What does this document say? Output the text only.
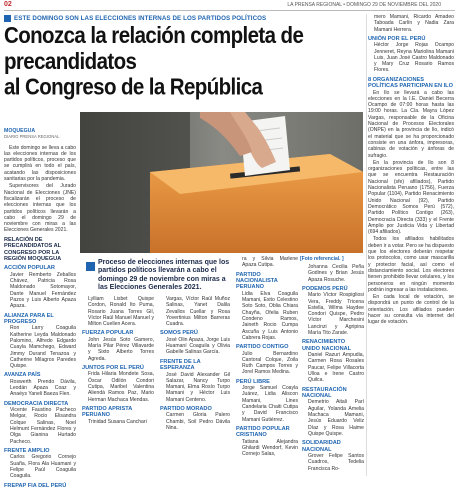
02	LA PRENSA REGIONAL • DOMINGO 29 DE NOVIEMBRE DEL 2020
ESTE DOMINGO SON LAS ELECCIONES INTERNAS DE LOS PARTIDOS POLÍTICOS
Conozca la relación completa de precandidatos
al Congreso de la República
MOQUEGUA
DIARIO PRENSA REGIONAL

Este domingo se lleva a cabo las elecciones internas de los partidos políticos, proceso que se cumplirá en todo el país, acatando las disposiciones sanitarias por la pandemia.

Supervisores del Jurado Nacional de Elecciones (JNE) fiscalizarán el proceso de elecciones internas que los partidos políticos llevarán a cabo el domingo 29 de noviembre con miras a las Elecciones Generales 2021.

RELACIÓN DE PRECANDIDATOS AL CONGRESO POR LA REGIÓN MOQUEGUA
ACCIÓN POPULAR

Javier Remberto Zeballos Chávez, Patricia Rosa Maldonado Sotomayor, Dante Manuel Fernández Pazos y Luis Alberto Apaza Apaza.

ALIANZA PARA EL PROGRESO

Ron Larry Coaguila Katherine Leyda Maldonado Palomino, Alfredo Edgardo Cuayla Mamchego, Edward Jimmy Durand Tenazoa y Catherine Milagros Paredes Quispe.

AVANZA PAÍS

Roswerth Prendo Dávila, Leodán Apaza Coaz y Anaéys Yaneli Baeza Flen.

DEMOCRACIA DIRECTA

Vicente Faustino Pacheco Melgar, Rocio Elisandra Colque Salinas, Noel Helmunt Fernández Flores y Olga Gianina Hurtado Pacheco.

FRENTE AMPLIO

Carlos Gregorio Cornejo Suaña, Flora Ala Huamani y Felipe Paúl Coaguila Coaguila.

FREPAP FIA DEL PERÚ
[Foto referencial. ]
Proceso de elecciones internas que los partidos políticos llevarán a cabo el domingo 29 de noviembre con miras a las Elecciones Generales 2021.

Lylliam Lisbet Quispe Cordon, Ronald Ito Puma, Rosario Juana Torres Gil, Víctor Raúl Manuel Manuel y Milton Cuellen Acera.

FUERZA POPULAR

John Jesús Soto Gamero, María Pilar Pérez Villavarde y Sixto Alberto Torres Agreda.

JUNTOS POR EL PERÚ

Frida Hilaria Mondete Sosa, Óscar Odilón Condori Cutipa, Maribel Valentina Aliendá Ramos Paz, Mario Herman Machaca Mendas.

PARTIDO APRISTA PERUANO

Trinidad Susana Canchari

Vargas, Víctor Raúl Muñoz Salinas, Yanet Dalila Zevallos Cuellar y Rosa Yovertinius Milton Barreras Cuadra.

SOMOS PERÚ

José Olin Apaza, Jorge Luis Huamaní Coaguila y Olivia Gabelle Salinas García.

FRENTE DE LA ESPERANZA

José David Alexander Gil Salazar, Nancy Turpo Mamani, Elma Rosío Turpo Mamani y Héctor Luis Mamani Centeno.

PARTIDO MORADO

Carmen Gloria Palero Chambi, Soil Pedro Dávila Nina.

ra y Silvia Marlene Apaza Cutipa.

PARTIDO NACIONALISTA PERUANO

Lidia Elva Coaguila Mamani, Exito Celestino Soto Soto, Oblia Chiara Chayña, Ofelia Ruben Condeno Ramos, Jaineth Rocio Cumpa Ascuña y Luis Antonio Cabrera Rojas.

PARTIDO CONTIGO

Julio Bernardino Cantoral Colque, Zoila Ruth Campos Torres y Jorel Ramos Medina.

PERÚ LIBRE

Jorge Samuel Coayla Juárez, Lidia Aliscon Mamani, Lines Candelaria Chaiti Cutipa y David Francisco Mamani Gutiérrez.

PARTIDO POPULAR CRISTIANO

Tatiana Alejandra Ghilardi Wendorf, Kevin Cornejo Salas,

Johanna Cecilia Peña Godines y Brian Jesús Apaza Rosuche.

PODEMOS PERÚ

Mario Víctor Rospigliosi Vera, Freddy Tricena Estella, Wilma Haydee Condori Quispe, Pedro Víctor Marchesini Lancinzi y Agripina María Tito Zarate.

RENACIMIENTO UNIDO NACIONAL

Daniel Razuri Ampudia, Carmen Rosa Rosales Paucar, Felipe Villacorta Ulloa e Irene Castro Quilca.

RESTAURACIÓN NACIONAL

Demetrio Aitali Parí Aguilar, Yolanda Amelia Machaca Mamani, Jesús Eduardo Veliz Díaz y Rosa Haime Quispe Quispe.

SOLIDARIDAD NACIONAL

Grover Felipe Santos Cuadros, Tedelia Francisca Ro-

mero Mamani, Ricardo Amadeo Taboada Carlín y Nadia Zara Mamani Herrera.

UNIÓN POR EL PERÚ

Héctor Jorge Rojas Ocampo Jenneret, Reyna Mariolina Mamani Luis, Juan José Castro Maldonado y Mary Cruz Rosario Ramos Flores.

8 ORGANIZACIONES POLÍTICAS PARTICIPAN EN ILO

En Ilo se llevará a cabo las elecciones en la I.E. Daniel Becerra Ocampo de 07:00 horas hasta las 19:00 horas. La Cía. Mayra López Vargas, responsable de la Oficina Nacional de Procesos Electorales (ONPE) en la provincia de Ilo, indicó el material que se ha proporcionado consiste en una ánfora, impresoras, cabinas de votación y ánforas de sufragio.

En la provincia de Ilo son 8 organizaciones políticas, entre las que se encuentra Restauración Nacional (sfe) afiliados), Partido Nacionalista Peruano (1756), Fuerza Popular (1104), Partido Renacimiento Unido Nacional (92), Partido Democrático Somos Perú (572), Partido Político Contigo (263), Democracia Directa (333) y el Frente Amplio por Justicia Vida y Libertad (694 afiliados).

Todos los afiliados habilitados deben ir a votar. Pero se ha dispuesto que los electores deberán respetar los protocolos, como usar mascarilla y protector facial, así como el distanciamiento social. Los electores tienen prohibido llevar celulares, y los personeros en ningún momento podrán ingresar a las instalaciones.

En cada local de votación, se dispondrá un punto de control de la orientación. Los afiliados pueden hacer su consulta vía internet del lugar de votación.
